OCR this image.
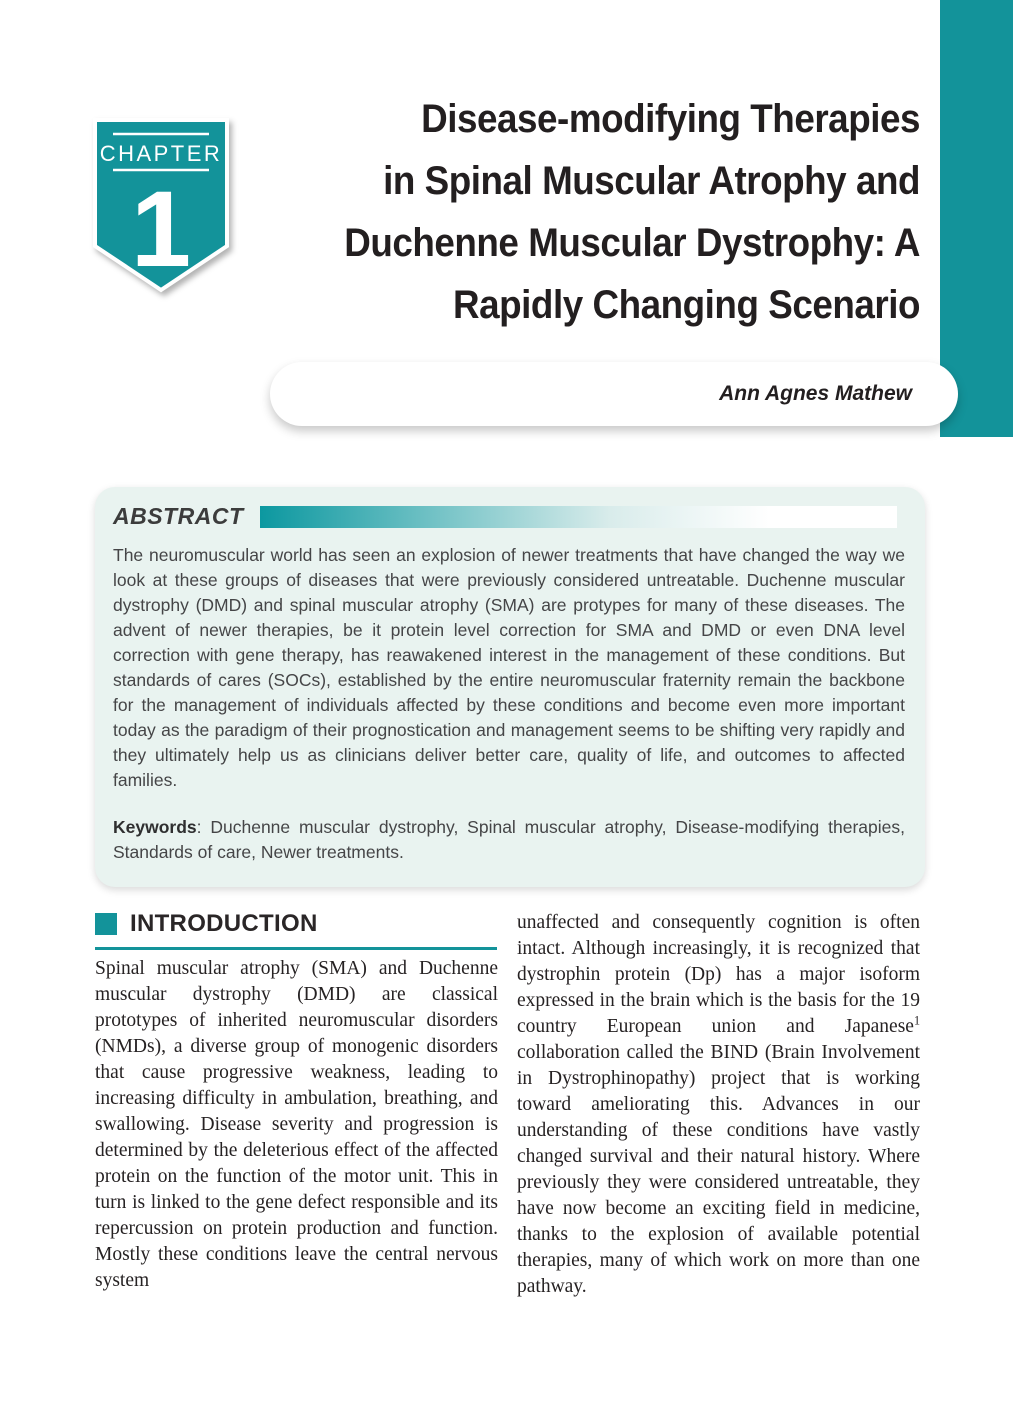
CHAPTER
1
Disease-modifying Therapies
in Spinal Muscular Atrophy and
Duchenne Muscular Dystrophy: A
Rapidly Changing Scenario
Ann Agnes Mathew
ABSTRACT

The neuromuscular world has seen an explosion of newer treatments that have changed the way we look at these groups of diseases that were previously considered untreatable. Duchenne muscular dystrophy (DMD) and spinal muscular atrophy (SMA) are protypes for many of these diseases. The advent of newer therapies, be it protein level correction for SMA and DMD or even DNA level correction with gene therapy, has reawakened interest in the management of these conditions. But standards of cares (SOCs), established by the entire neuromuscular fraternity remain the backbone for the management of individuals affected by these conditions and become even more important today as the paradigm of their prognostication and management seems to be shifting very rapidly and they ultimately help us as clinicians deliver better care, quality of life, and outcomes to affected families.

Keywords: Duchenne muscular dystrophy, Spinal muscular atrophy, Disease-modifying therapies, Standards of care, Newer treatments.

INTRODUCTION

Spinal muscular atrophy (SMA) and Duchenne muscular dystrophy (DMD) are classical prototypes of inherited neuromuscular disorders (NMDs), a diverse group of monogenic disorders that cause progressive weakness, leading to increasing difficulty in ambulation, breathing, and swallowing. Disease severity and progression is determined by the deleterious effect of the affected protein on the function of the motor unit. This in turn is linked to the gene defect responsible and its repercussion on protein production and function. Mostly these conditions leave the central nervous system

unaffected and consequently cognition is often intact. Although increasingly, it is recognized that dystrophin protein (Dp) has a major isoform expressed in the brain which is the basis for the 19 country European union and Japanese$^1$ collaboration called the BIND (Brain Involvement in Dystrophinopathy) project that is working toward ameliorating this. Advances in our understanding of these conditions have vastly changed survival and their natural history. Where previously they were considered untreatable, they have now become an exciting field in medicine, thanks to the explosion of available potential therapies, many of which work on more than one pathway.
